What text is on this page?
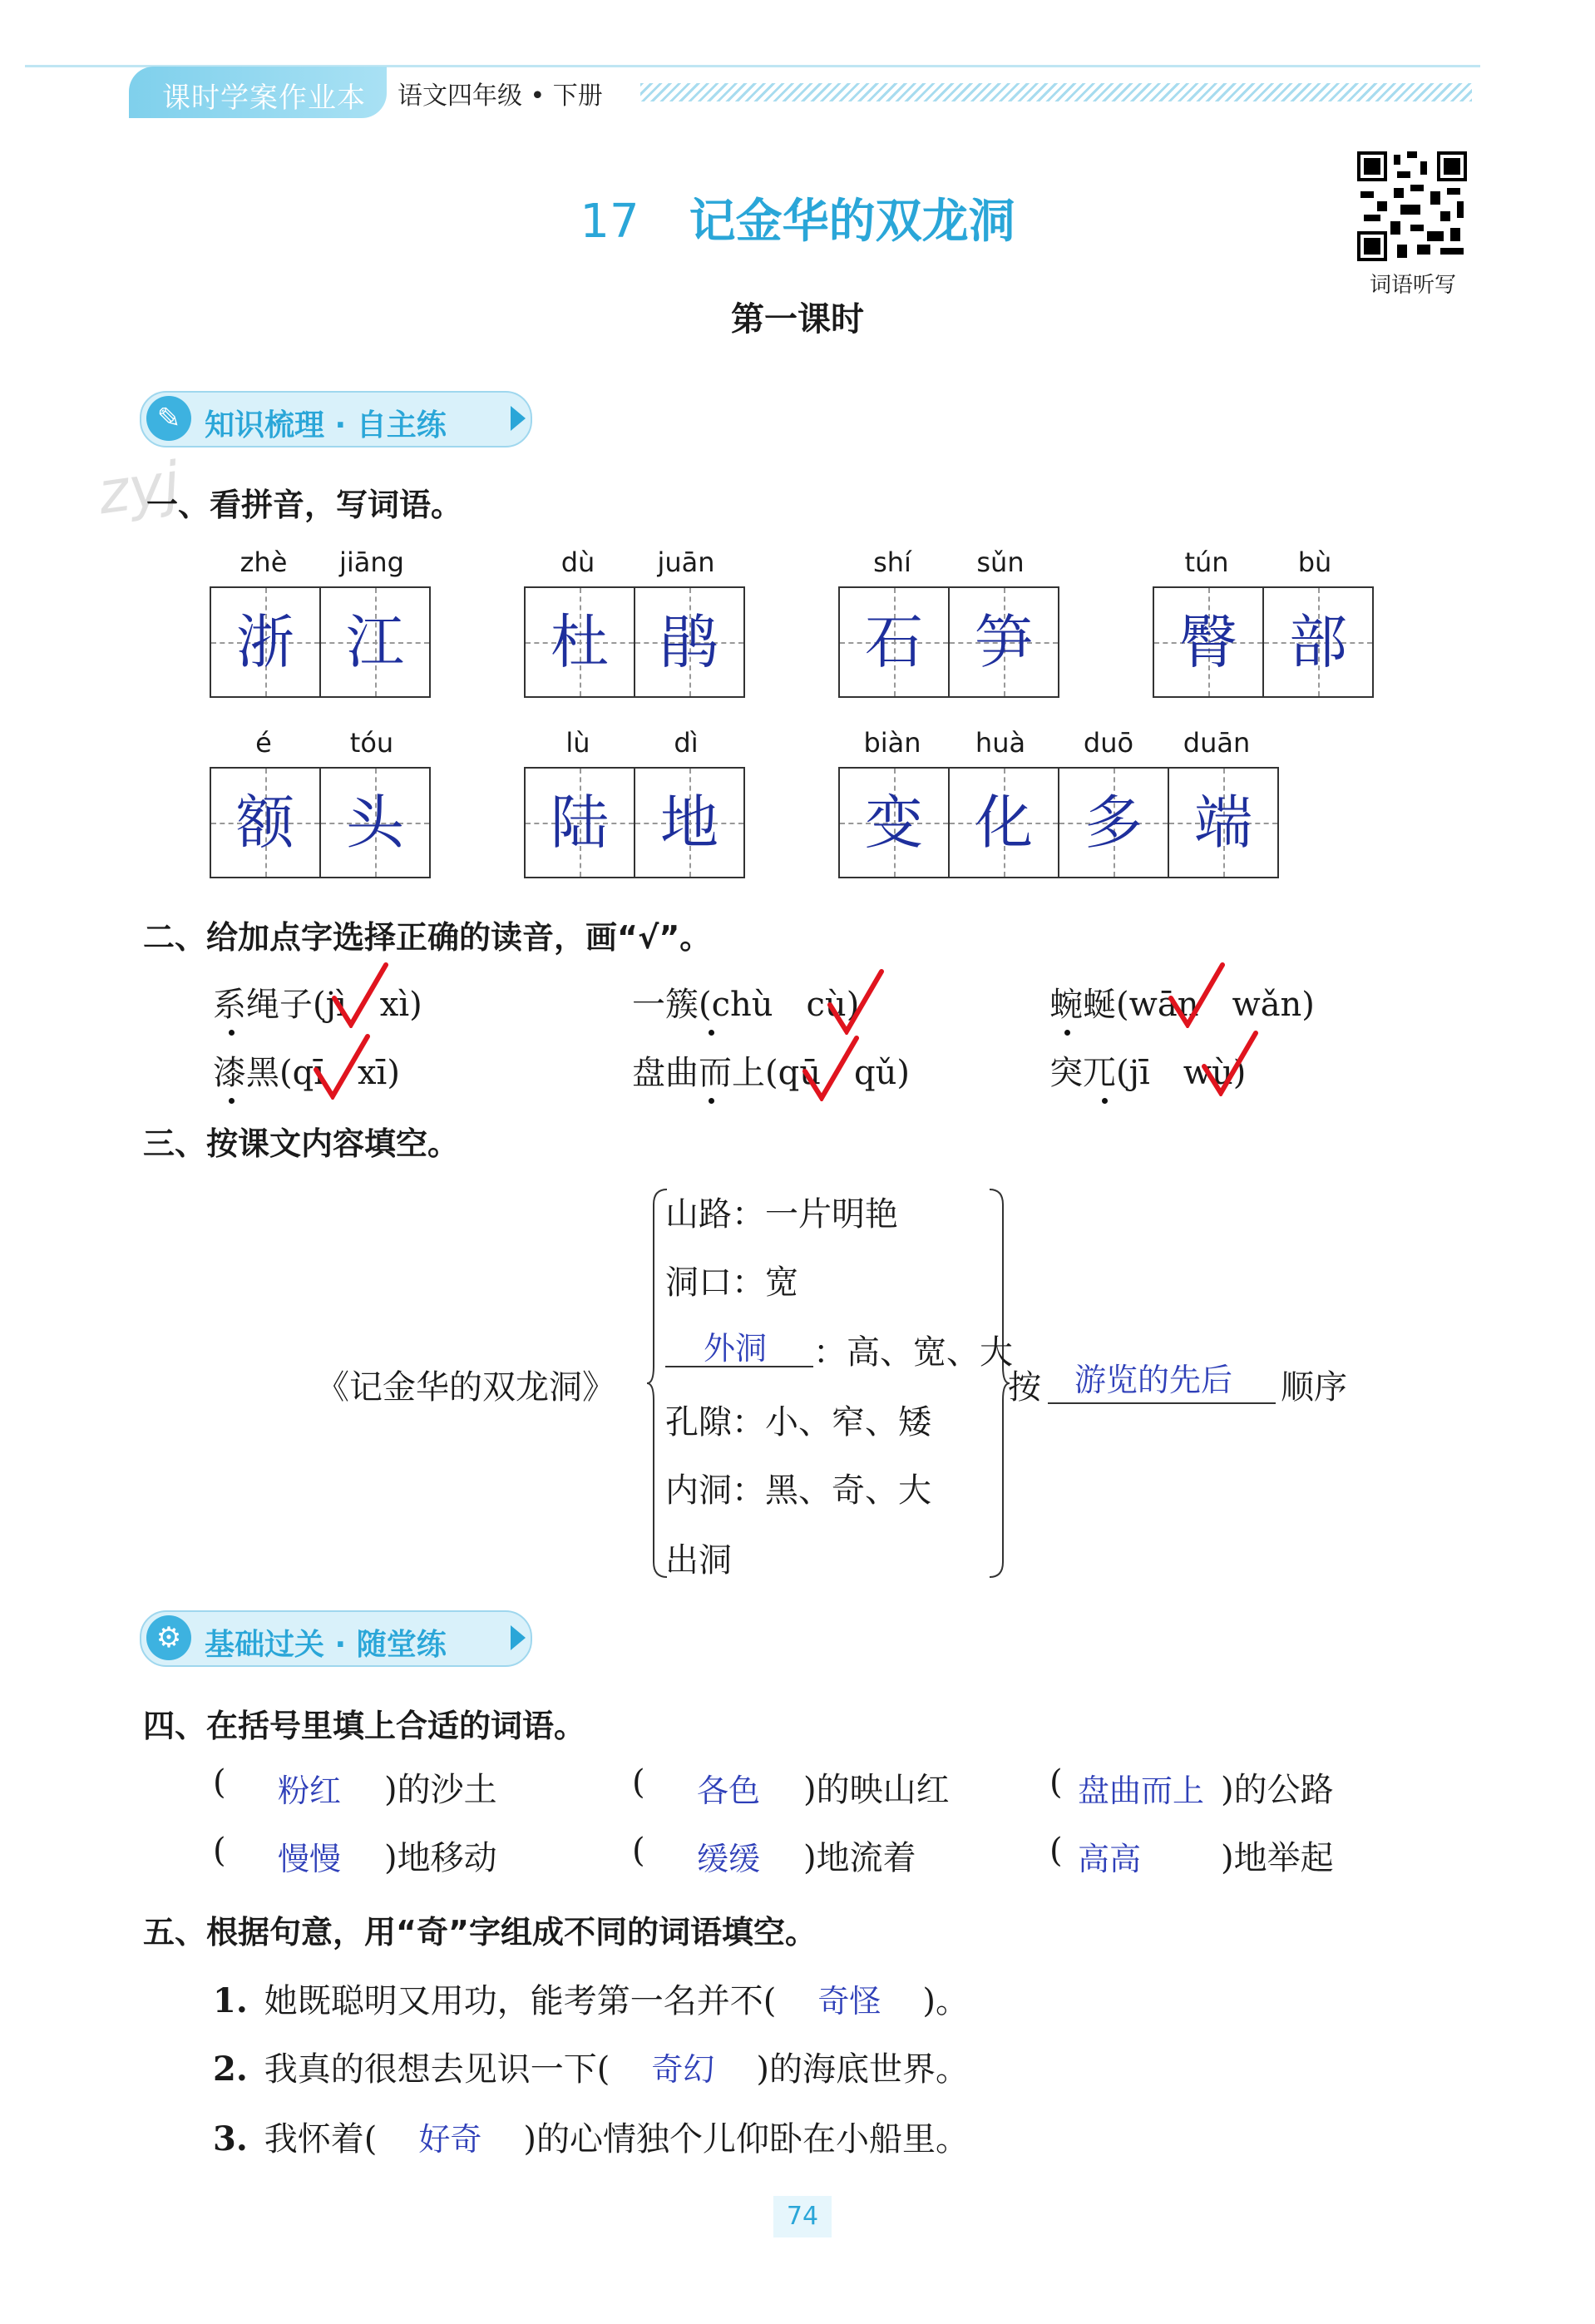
课时学案作业本 语文四年级 • 下册
17 记金华的双龙洞
第一课时
词语听写
zyj
✎ 知识梳理 · 自主练
一、看拼音，写词语。
zhè	jiāng
浙 江
dù	juān
杜 鹃
shí	sǔn
石 笋
tún	bù
臀 部
é	tóu
额 头
lù	dì
陆 地
biàn	huà	duō	duān
变 化 多 端
二、给加点字选择正确的读音，画“√”。
系绳子(jì　xì)	一簇(chù　cù)	蜿蜒(wān　wǎn)
漆黑(qī　xī)	盘曲而上(qū　qǔ)	突兀(jī　wù)
三、按课文内容填空。
《记金华的双龙洞》
山路：一片明艳
洞口：宽
外洞 ：高、宽、大
孔隙：小、窄、矮
内洞：黑、奇、大
出洞
按 游览的先后 顺序
⚙ 基础过关 · 随堂练
四、在括号里填上合适的词语。
( 粉红 )的沙土	( 各色 )的映山红	( 盘曲而上 )的公路
( 慢慢 )地移动	( 缓缓 )地流着	( 高高 )地举起
五、根据句意，用“奇”字组成不同的词语填空。
1. 她既聪明又用功，能考第一名并不( 奇怪 )。
2. 我真的很想去见识一下( 奇幻 )的海底世界。
3. 我怀着( 好奇 )的心情独个儿仰卧在小船里。
74
